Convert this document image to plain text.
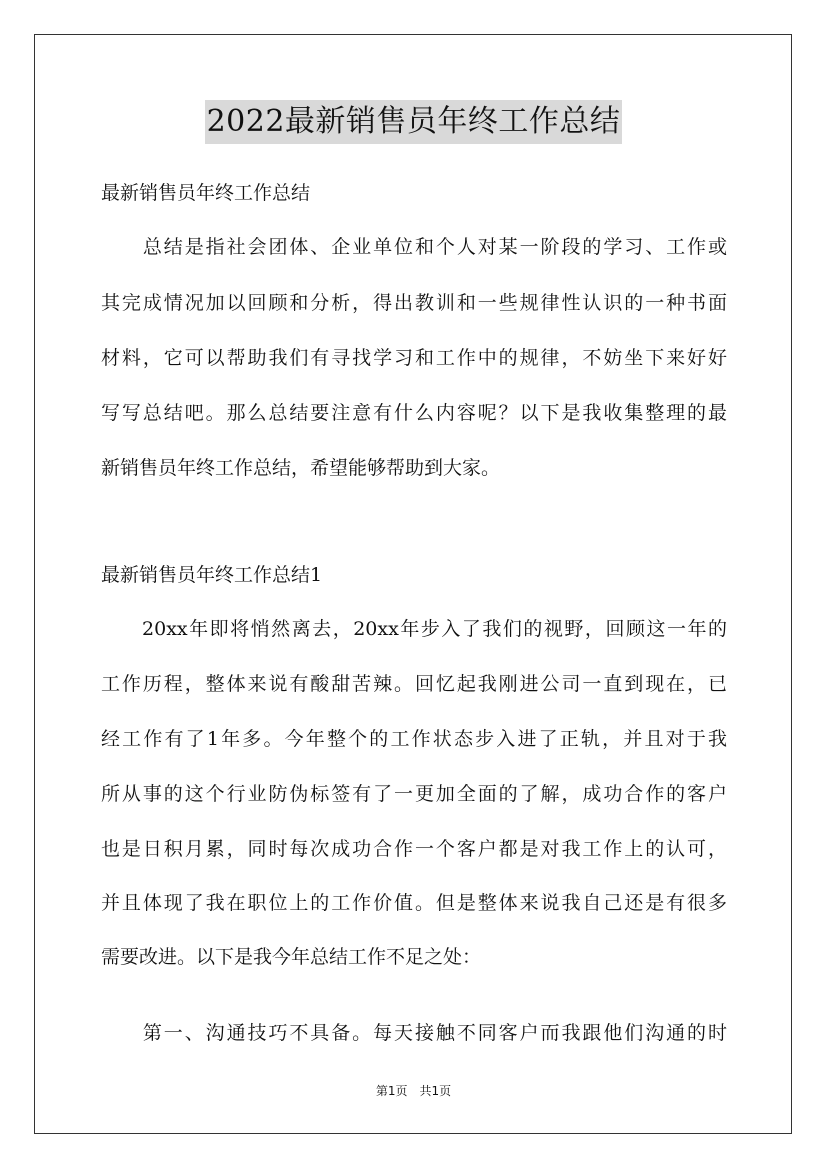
2022最新销售员年终工作总结
最新销售员年终工作总结
　　总结是指社会团体、企业单位和个人对某一阶段的学习、工作或
其完成情况加以回顾和分析，得出教训和一些规律性认识的一种书面
材料，它可以帮助我们有寻找学习和工作中的规律，不妨坐下来好好
写写总结吧。那么总结要注意有什么内容呢？以下是我收集整理的最
新销售员年终工作总结，希望能够帮助到大家。
最新销售员年终工作总结1
　　20xx年即将悄然离去，20xx年步入了我们的视野，回顾这一年的
工作历程，整体来说有酸甜苦辣。回忆起我刚进公司一直到现在，已
经工作有了1年多。今年整个的工作状态步入进了正轨，并且对于我
所从事的这个行业防伪标签有了一更加全面的了解，成功合作的客户
也是日积月累，同时每次成功合作一个客户都是对我工作上的认可，
并且体现了我在职位上的工作价值。但是整体来说我自己还是有很多
需要改进。以下是我今年总结工作不足之处：
　　第一、沟通技巧不具备。每天接触不同客户而我跟他们沟通的时
第1页　共1页
